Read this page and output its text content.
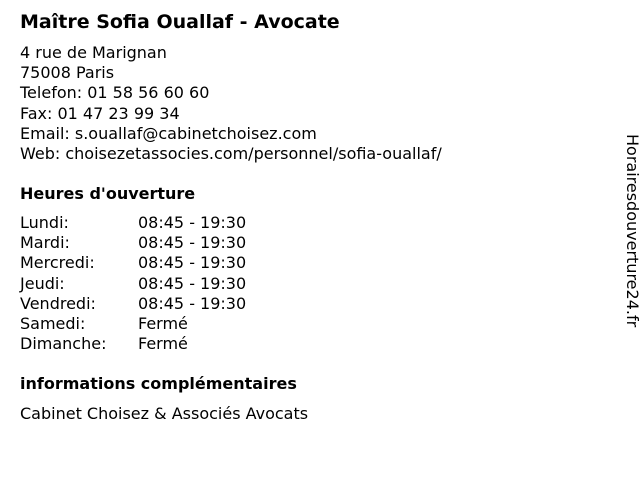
Maître Sofia Ouallaf - Avocate
4 rue de Marignan
75008 Paris
Telefon: 01 58 56 60 60
Fax: 01 47 23 99 34
Email: s.ouallaf@cabinetchoisez.com
Web: choisezetassocies.com/personnel/sofia-ouallaf/
Heures d'ouverture
Lundi:	08:45 - 19:30
Mardi:	08:45 - 19:30
Mercredi:	08:45 - 19:30
Jeudi:	08:45 - 19:30
Vendredi:	08:45 - 19:30
Samedi:	Fermé
Dimanche:	Fermé
informations complémentaires
Cabinet Choisez & Associés Avocats
Horairesdouverture24.fr
